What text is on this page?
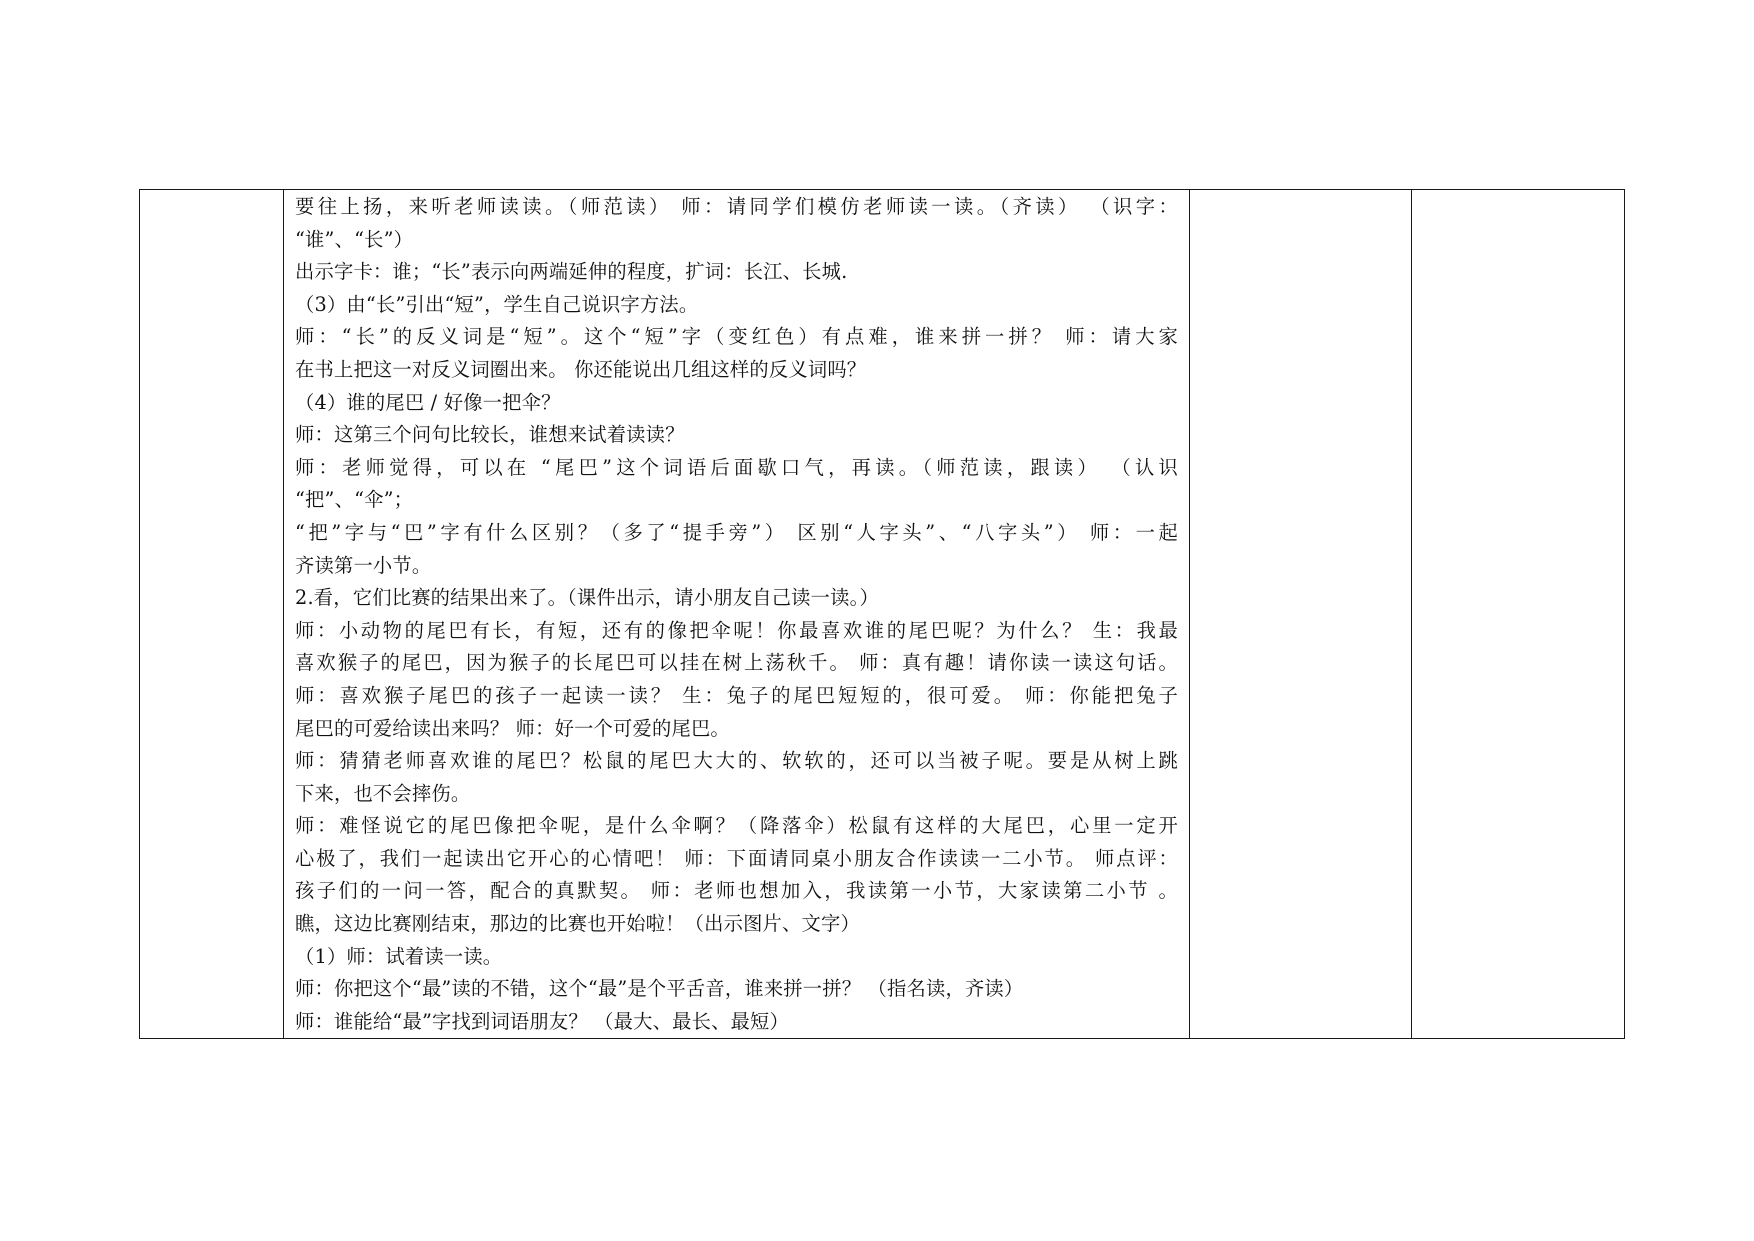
要往上扬，来听老师读读。（师范读） 师：请同学们模仿老师读一读。（齐读） （识字：
“谁”、“长”）
出示字卡：谁；“长”表示向两端延伸的程度，扩词：长江、长城.
（3）由“长”引出“短”，学生自己说识字方法。
师：“长”的反义词是“短”。这个“短”字（变红色）有点难，谁来拼一拼？ 师：请大家
在书上把这一对反义词圈出来。 你还能说出几组这样的反义词吗？
（4）谁的尾巴 / 好像一把伞？
师：这第三个问句比较长，谁想来试着读读？
师：老师觉得，可以在 “尾巴”这个词语后面歇口气，再读。（师范读，跟读） （认识
“把”、“伞”；
“把”字与“巴”字有什么区别？（多了“提手旁”） 区别“人字头”、“八字头”） 师：一起
齐读第一小节。
2.看，它们比赛的结果出来了。（课件出示，请小朋友自己读一读。）
师：小动物的尾巴有长，有短，还有的像把伞呢！你最喜欢谁的尾巴呢？为什么？ 生：我最
喜欢猴子的尾巴，因为猴子的长尾巴可以挂在树上荡秋千。 师：真有趣！请你读一读这句话。
师：喜欢猴子尾巴的孩子一起读一读？ 生：兔子的尾巴短短的，很可爱。 师：你能把兔子
尾巴的可爱给读出来吗？ 师：好一个可爱的尾巴。
师：猜猜老师喜欢谁的尾巴？松鼠的尾巴大大的、软软的，还可以当被子呢。要是从树上跳
下来，也不会摔伤。
师：难怪说它的尾巴像把伞呢，是什么伞啊？（降落伞）松鼠有这样的大尾巴，心里一定开
心极了，我们一起读出它开心的心情吧！ 师：下面请同桌小朋友合作读读一二小节。 师点评：
孩子们的一问一答，配合的真默契。 师：老师也想加入，我读第一小节，大家读第二小节 。
瞧，这边比赛刚结束，那边的比赛也开始啦！（出示图片、文字）
（1）师：试着读一读。
师：你把这个“最”读的不错，这个“最”是个平舌音，谁来拼一拼？ （指名读，齐读）
师：谁能给“最”字找到词语朋友？ （最大、最长、最短）
